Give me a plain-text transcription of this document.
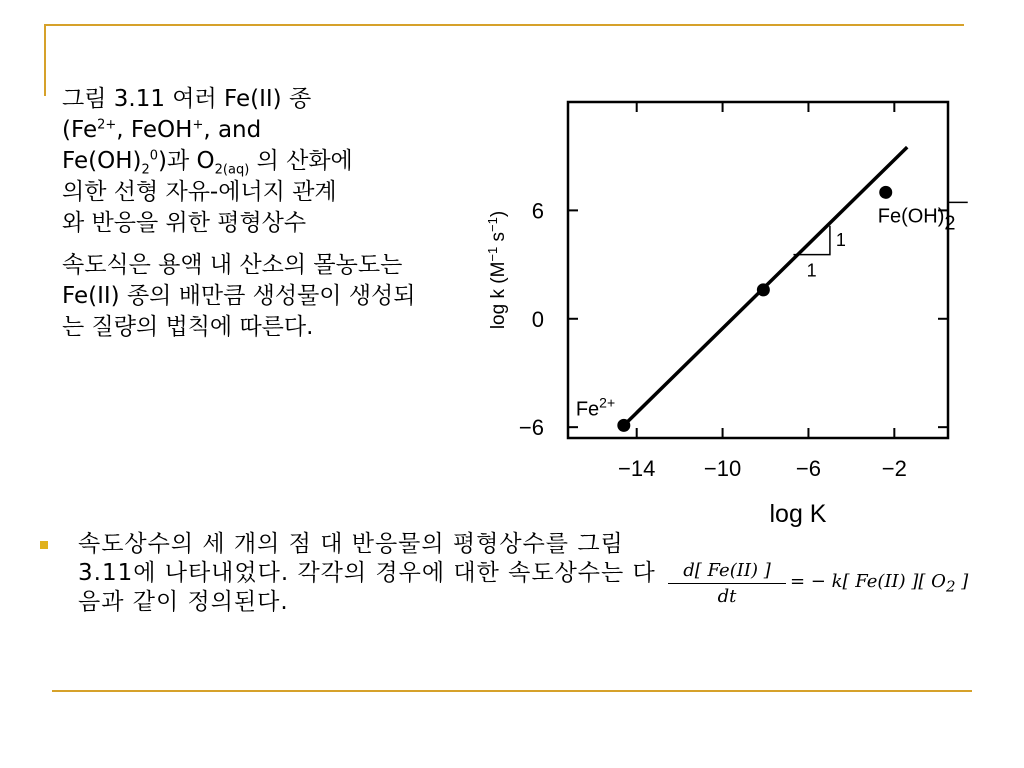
그림 3.11 여러 Fe(II) 종
($Fe^{2+}$, FeOH+, and
$Fe(OH)_2^0$)과 $O_{2(aq)}$ 의 산화에
의한 선형 자유-에너지 관계
와 반응을 위한 평형상수

속도식은 용액 내 산소의 몰농도는 Fe(II) 종의 배만큼 생성물이 생성되는 질량의 법칙에 따른다.

−14 −10 −6	−2
6
0
−6
1
1
$Fe^{2+}$
Fe(OH)2
log K
log k ($M^{-1}$ $s^{-1}$)
속도상수의 세 개의 점 대 반응물의 평형상수를 그림 3.11에 나타내었다. 각각의 경우에 대한 속도상수는 다음과 같이 정의된다.	$\frac{d[ Fe(II) ]}{dt}$ = − k[ Fe(II) ][ $O_2$ ]
